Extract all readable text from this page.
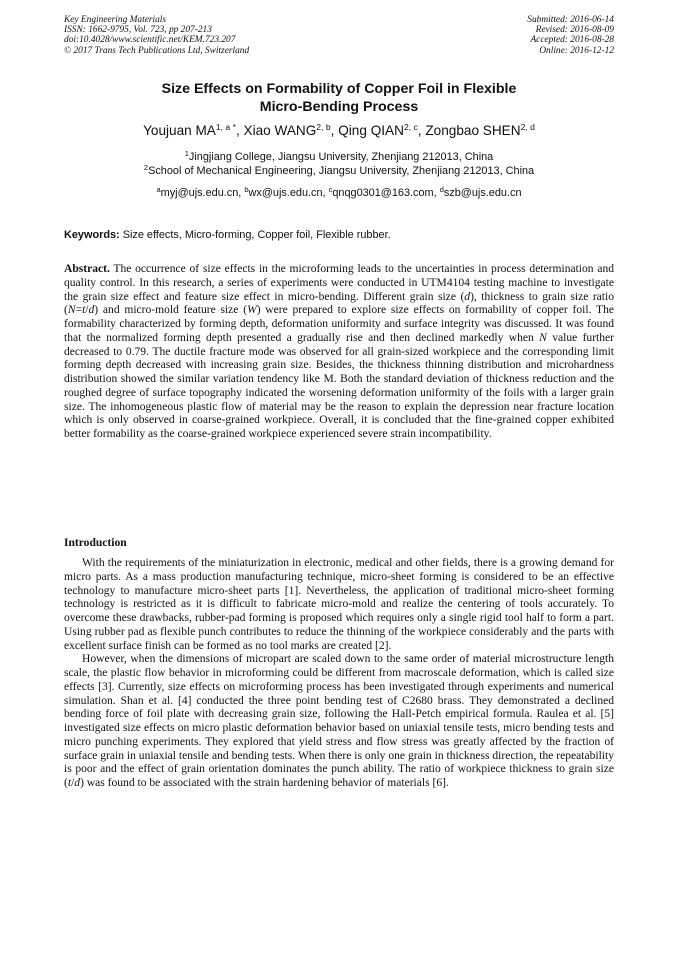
Key Engineering Materials
ISSN: 1662-9795, Vol. 723, pp 207-213
doi:10.4028/www.scientific.net/KEM.723.207
© 2017 Trans Tech Publications Ltd, Switzerland
Submitted: 2016-06-14
Revised: 2016-08-09
Accepted: 2016-08-28
Online: 2016-12-12
Size Effects on Formability of Copper Foil in Flexible
Micro-Bending Process
Youjuan $MA^{1, a *}$, Xiao WANG$^{2, b}$, Qing QIAN$^{2, c}$, Zongbao SHEN$^{2, d}$
$^1$Jingjiang College, Jiangsu University, Zhenjiang 212013, China
$^2$School of Mechanical Engineering, Jiangsu University, Zhenjiang 212013, China
$^a$myj@ujs.edu.cn, $^b$wx@ujs.edu.cn, $^c$qnqg0301@163.com, $^d$szb@ujs.edu.cn
Keywords: Size effects, Micro-forming, Copper foil, Flexible rubber.

Abstract. The occurrence of size effects in the microforming leads to the uncertainties in process determination and quality control. In this research, a series of experiments were conducted in UTM4104 testing machine to investigate the grain size effect and feature size effect in micro-bending. Different grain size (d), thickness to grain size ratio (N=t/d) and micro-mold feature size (W) were prepared to explore size effects on formability of copper foil. The formability characterized by forming depth, deformation uniformity and surface integrity was discussed. It was found that the normalized forming depth presented a gradually rise and then declined markedly when N value further decreased to 0.79. The ductile fracture mode was observed for all grain-sized workpiece and the corresponding limit forming depth decreased with increasing grain size. Besides, the thickness thinning distribution and microhardness distribution showed the similar variation tendency like M. Both the standard deviation of thickness reduction and the roughed degree of surface topography indicated the worsening deformation uniformity of the foils with a larger grain size. The inhomogeneous plastic flow of material may be the reason to explain the depression near fracture location which is only observed in coarse-grained workpiece. Overall, it is concluded that the fine-grained copper exhibited better formability as the coarse-grained workpiece experienced severe strain incompatibility.

Introduction

With the requirements of the miniaturization in electronic, medical and other fields, there is a growing demand for micro parts. As a mass production manufacturing technique, micro-sheet forming is considered to be an effective technology to manufacture micro-sheet parts [1]. Nevertheless, the application of traditional micro-sheet forming technology is restricted as it is difficult to fabricate micro-mold and realize the centering of tools accurately. To overcome these drawbacks, rubber-pad forming is proposed which requires only a single rigid tool half to form a part. Using rubber pad as flexible punch contributes to reduce the thinning of the workpiece considerably and the parts with excellent surface finish can be formed as no tool marks are created [2].

However, when the dimensions of micropart are scaled down to the same order of material microstructure length scale, the plastic flow behavior in microforming could be different from macroscale deformation, which is called size effects [3]. Currently, size effects on microforming process has been investigated through experiments and numerical simulation. Shan et al. [4] conducted the three point bending test of C2680 brass. They demonstrated a declined bending force of foil plate with decreasing grain size, following the Hall-Petch empirical formula. Raulea et al. [5] investigated size effects on micro plastic deformation behavior based on uniaxial tensile tests, micro bending tests and micro punching experiments. They explored that yield stress and flow stress was greatly affected by the fraction of surface grain in uniaxial tensile and bending tests. When there is only one grain in thickness direction, the repeatability is poor and the effect of grain orientation dominates the punch ability. The ratio of workpiece thickness to grain size (t/d) was found to be associated with the strain hardening behavior of materials [6].
